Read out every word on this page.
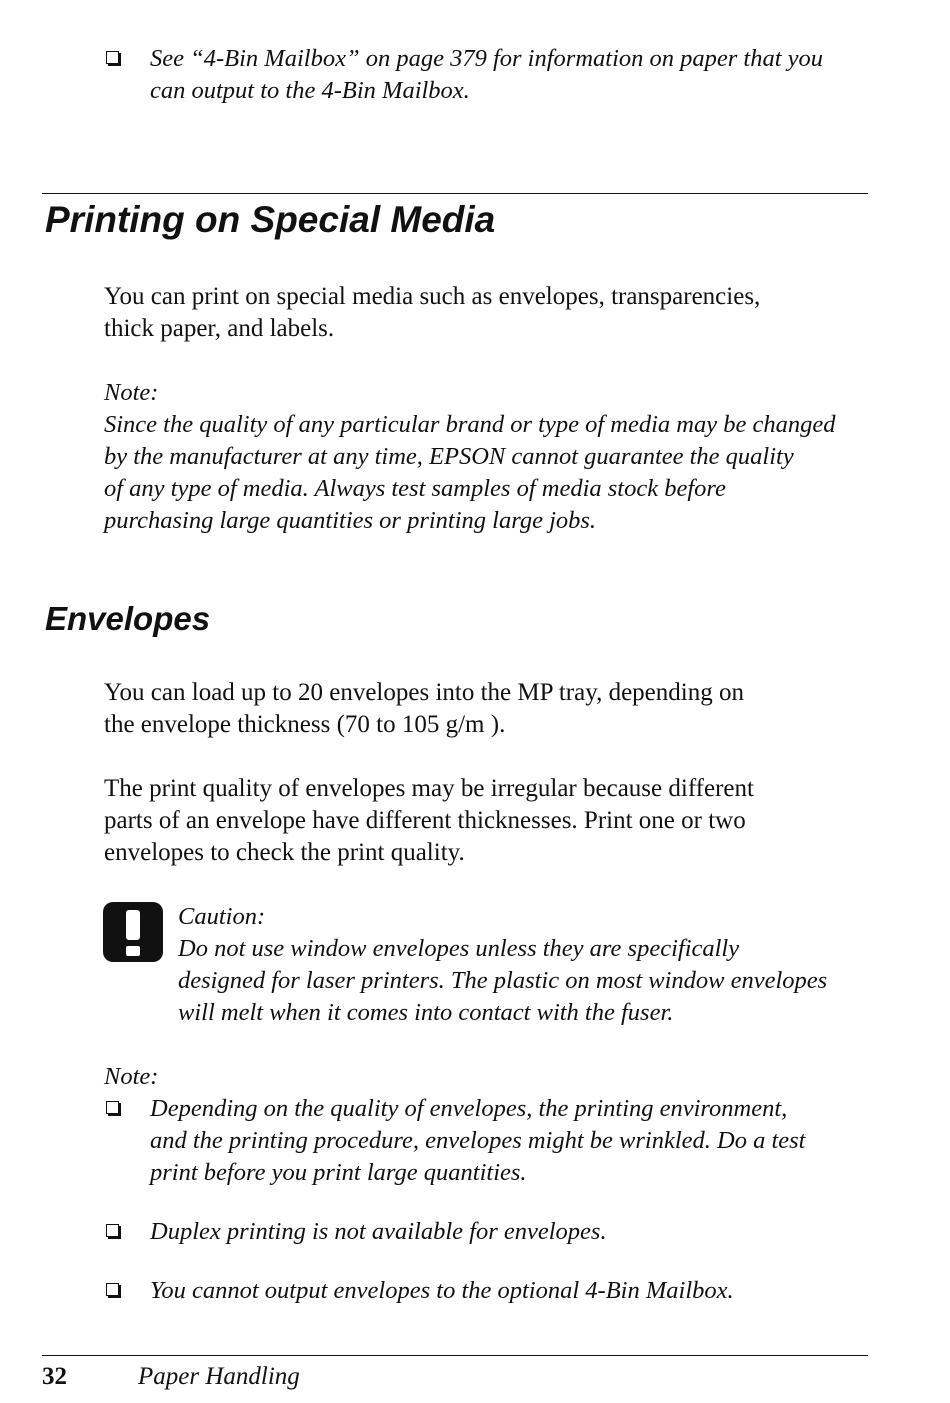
See “4-Bin Mailbox” on page 379 for information on paper that you
can output to the 4-Bin Mailbox.
Printing on Special Media
You can print on special media such as envelopes, transparencies,
thick paper, and labels.
Note:
Since the quality of any particular brand or type of media may be changed
by the manufacturer at any time, EPSON cannot guarantee the quality
of any type of media. Always test samples of media stock before
purchasing large quantities or printing large jobs.
Envelopes
You can load up to 20 envelopes into the MP tray, depending on
the envelope thickness (70 to 105 g/m ).
The print quality of envelopes may be irregular because different
parts of an envelope have different thicknesses. Print one or two
envelopes to check the print quality.
Caution:
Do not use window envelopes unless they are specifically
designed for laser printers. The plastic on most window envelopes
will melt when it comes into contact with the fuser.
Note:
Depending on the quality of envelopes, the printing environment,
and the printing procedure, envelopes might be wrinkled. Do a test
print before you print large quantities.
Duplex printing is not available for envelopes.
You cannot output envelopes to the optional 4-Bin Mailbox.
32	Paper Handling
